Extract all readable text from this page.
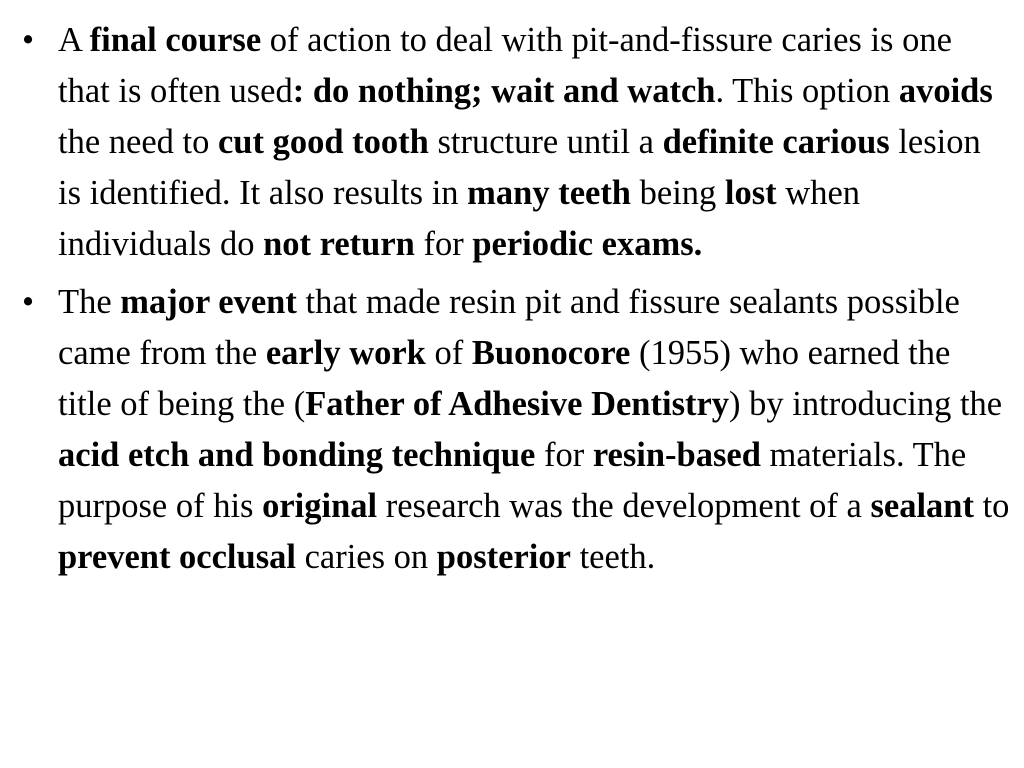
• A final course of action to deal with pit-and-fissure caries is one that is often used: do nothing; wait and watch. This option avoids the need to cut good tooth structure until a definite carious lesion is identified. It also results in many teeth being lost when individuals do not return for periodic exams.
• The major event that made resin pit and fissure sealants possible came from the early work of Buonocore (1955) who earned the title of being the (Father of Adhesive Dentistry) by introducing the acid etch and bonding technique for resin-based materials. The purpose of his original research was the development of a sealant to prevent occlusal caries on posterior teeth.
